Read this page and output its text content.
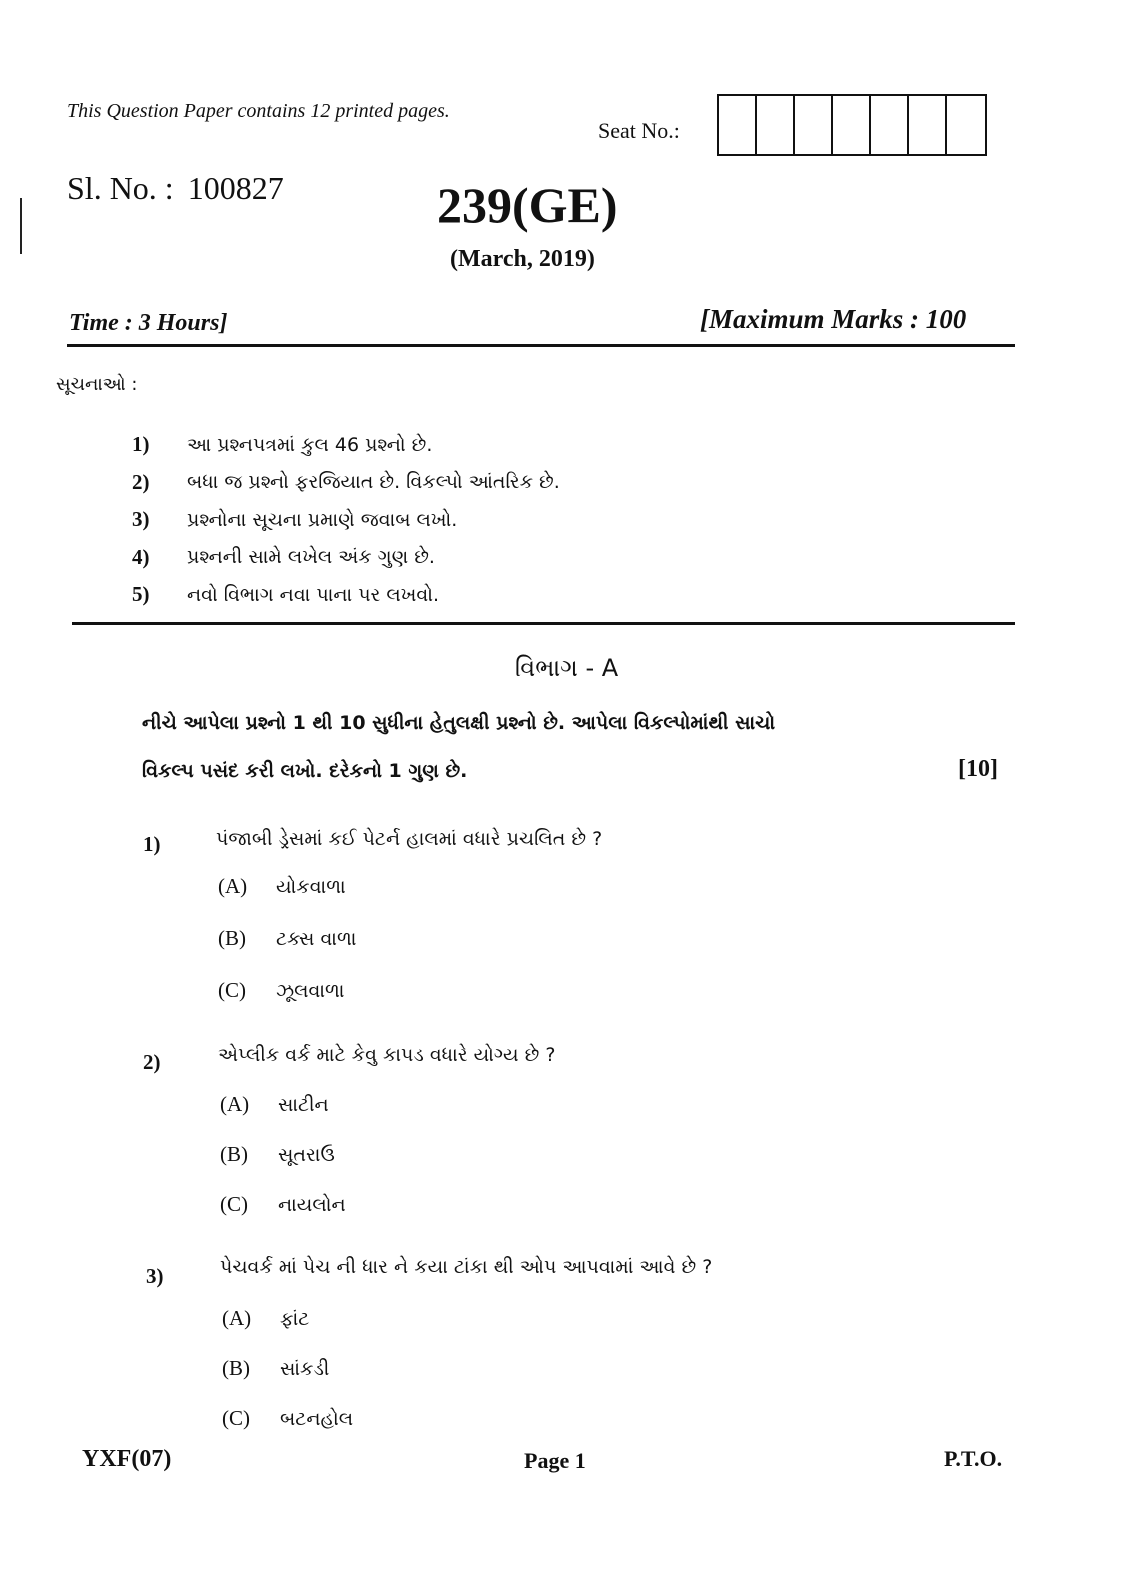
This Question Paper contains 12 printed pages.
Seat No.:
Sl. No. : 100827	239(GE)
(March, 2019)
Time : 3 Hours]	[Maximum Marks : 100
સૂચનાઓ :
1)	આ પ્રશ્નપત્રમાં કુલ 46 પ્રશ્નો છે.
2)	બધા જ પ્રશ્નો ફરજિયાત છે. વિકલ્પો આંતરિક છે.
3)	પ્રશ્નોના સૂચના પ્રમાણે જવાબ લખો.
4)	પ્રશ્નની સામે લખેલ અંક ગુણ છે.
5)	નવો વિભાગ નવા પાના પર લખવો.
વિભાગ - A
નીચે આપેલા પ્રશ્નો 1 થી 10 સુધીના હેતુલક્ષી પ્રશ્નો છે. આપેલા વિકલ્પોમાંથી સાચો
વિકલ્પ પસંદ કરી લખો. દરેકનો 1 ગુણ છે.	[10]
1)	પંજાબી ડ્રેસમાં કઈ પેટર્ન હાલમાં વધારે પ્રચલિત છે ?
(A)	યોકવાળા
(B)	ટક્સ વાળા
(C)	ઝૂલવાળા
2)	એપ્લીક વર્ક માટે કેવુ કાપડ વધારે યોગ્ય છે ?
(A)	સાટીન
(B)	સૂતરાઉ
(C)	નાયલોન
3)	પેચવર્ક માં પેચ ની ધાર ને કયા ટાંકા થી ઓપ આપવામાં આવે છે ?
(A)	ફાંટ
(B)	સાંકડી
(C)	બટનહોલ
YXF(07)	Page 1	P.T.O.
